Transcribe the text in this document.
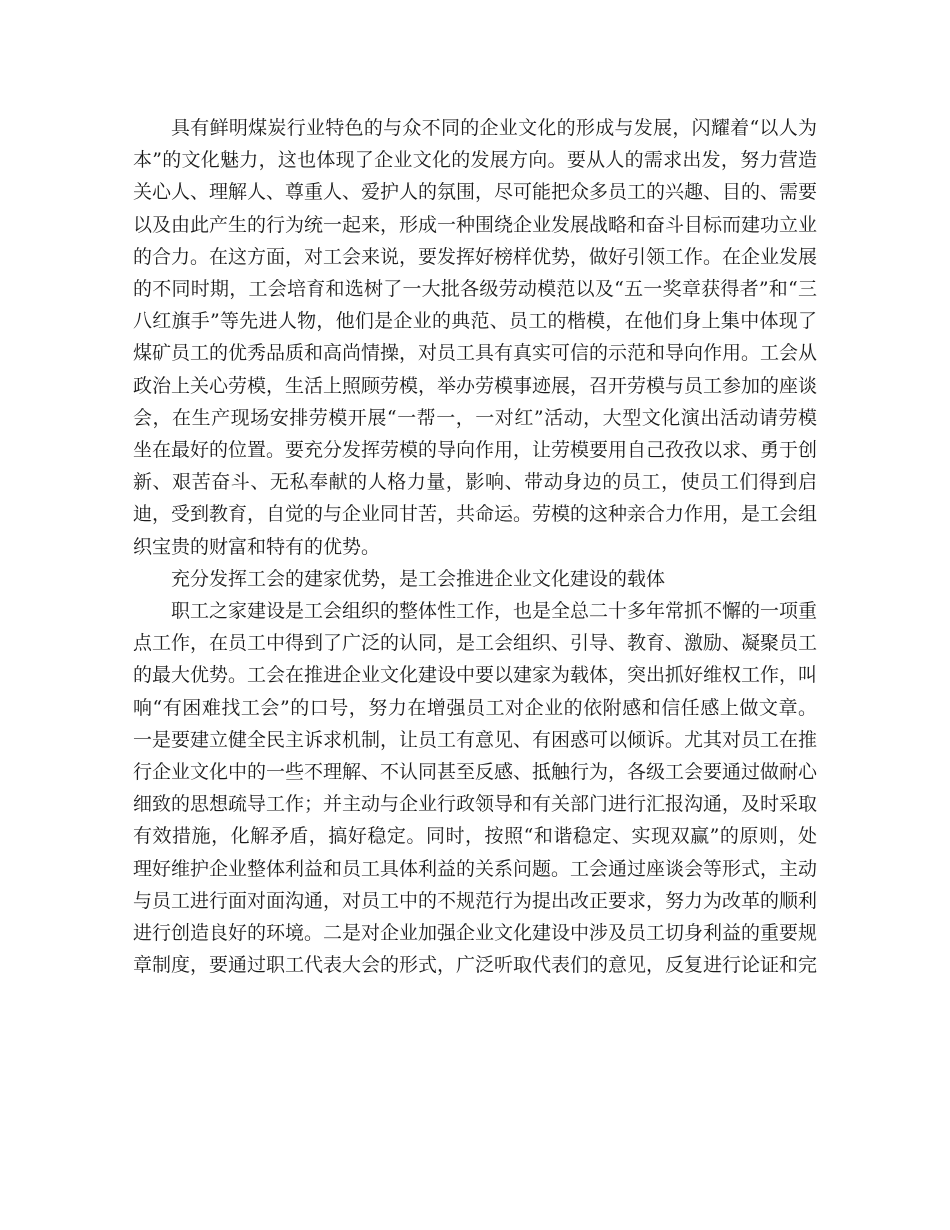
具有鲜明煤炭行业特色的与众不同的企业文化的形成与发展，闪耀着“以人为本”的文化魅力，这也体现了企业文化的发展方向。要从人的需求出发，努力营造关心人、理解人、尊重人、爱护人的氛围，尽可能把众多员工的兴趣、目的、需要以及由此产生的行为统一起来，形成一种围绕企业发展战略和奋斗目标而建功立业的合力。在这方面，对工会来说，要发挥好榜样优势，做好引领工作。在企业发展的不同时期，工会培育和选树了一大批各级劳动模范以及“五一奖章获得者”和“三八红旗手”等先进人物，他们是企业的典范、员工的楷模，在他们身上集中体现了煤矿员工的优秀品质和高尚情操，对员工具有真实可信的示范和导向作用。工会从政治上关心劳模，生活上照顾劳模，举办劳模事迹展，召开劳模与员工参加的座谈会，在生产现场安排劳模开展“一帮一，一对红”活动，大型文化演出活动请劳模坐在最好的位置。要充分发挥劳模的导向作用，让劳模要用自己孜孜以求、勇于创新、艰苦奋斗、无私奉献的人格力量，影响、带动身边的员工，使员工们得到启迪，受到教育，自觉的与企业同甘苦，共命运。劳模的这种亲合力作用，是工会组织宝贵的财富和特有的优势。

充分发挥工会的建家优势，是工会推进企业文化建设的载体

职工之家建设是工会组织的整体性工作，也是全总二十多年常抓不懈的一项重点工作，在员工中得到了广泛的认同，是工会组织、引导、教育、激励、凝聚员工的最大优势。工会在推进企业文化建设中要以建家为载体，突出抓好维权工作，叫响“有困难找工会”的口号，努力在增强员工对企业的依附感和信任感上做文章。一是要建立健全民主诉求机制，让员工有意见、有困惑可以倾诉。尤其对员工在推行企业文化中的一些不理解、不认同甚至反感、抵触行为，各级工会要通过做耐心细致的思想疏导工作；并主动与企业行政领导和有关部门进行汇报沟通，及时采取有效措施，化解矛盾，搞好稳定。同时，按照“和谐稳定、实现双赢”的原则，处理好维护企业整体利益和员工具体利益的关系问题。工会通过座谈会等形式，主动与员工进行面对面沟通，对员工中的不规范行为提出改正要求，努力为改革的顺利进行创造良好的环境。二是对企业加强企业文化建设中涉及员工切身利益的重要规章制度，要通过职工代表大会的形式，广泛听取代表们的意见，反复进行论证和完
